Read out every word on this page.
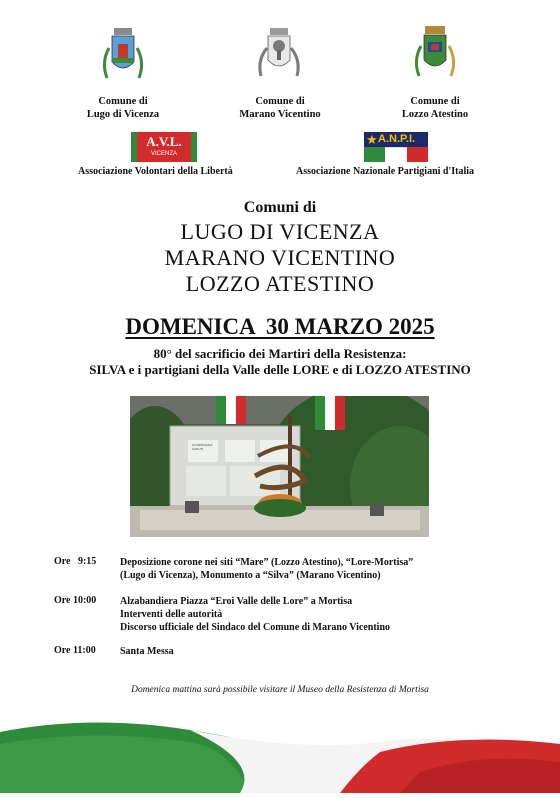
Comune di
Lugo di Vicenza
Comune di
Marano Vicentino
Comune di
Lozzo Atestino
A.V.L.
VICENZA
★ A.N.P.I.
Associazione Volontari della Libertà	Associazione Nazionale Partigiani d'Italia
Comuni di
LUGO DI VICENZA
MARANO VICENTINO
LOZZO ATESTINO
DOMENICA  30 MARZO 2025
80° del sacrificio dei Martiri della Resistenza:
SILVA e i partigiani della Valle delle LORE e di LOZZO ATESTINO
AI PARTIGIANI CADUTI
Ore   9:15 Deposizione corone nei siti “Mare” (Lozzo Atestino), “Lore-Mortisa”
(Lugo di Vicenza), Monumento a “Silva” (Marano Vicentino)
Ore 10:00 Alzabandiera Piazza “Eroi Valle delle Lore” a Mortisa
Interventi delle autorità
Discorso ufficiale del Sindaco del Comune di Marano Vicentino
Ore 11:00 Santa Messa
Domenica mattina sarà possibile visitare il Museo della Resistenza di Mortisa
